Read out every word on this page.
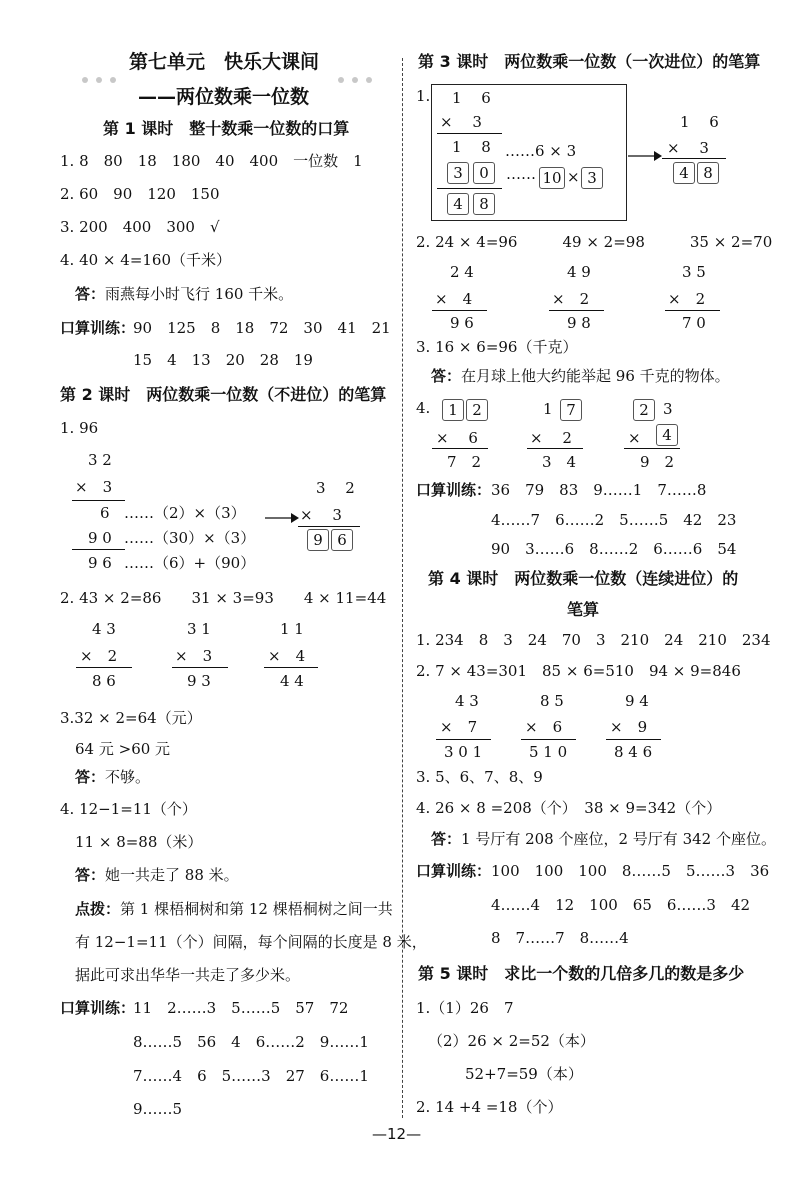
第七单元　快乐大课间
——两位数乘一位数
第 1 课时　整十数乘一位数的口算
1. 8　80　18　180　40　400　一位数　1
2. 60　90　120　150
3. 200　400　300　√
4. 40 × 4=160（千米）
答：雨燕每小时飞行 160 千米。
口算训练：
90　125　8　18　72　30　41　21
15　4　13　20　28　19
第 2 课时　两位数乘一位数（不进位）的笔算
1. 96
3 2
×　3
6 ……（2）×（3）
9 0 ……（30）×（3）
9 6 ……（6）+（90）
3　 2
×　 3
9 6
2. 43 × 2=86　　31 × 3=93　　4 × 11=44
4 3
×　2
8 6
3 1
×　3
9 3
1 1
×　4
4 4
3.32 × 2=64（元）
64 元 >60 元
答：不够。
4. 12−1=11（个）
11 × 8=88（米）
答：她一共走了 88 米。
点拨：第 1 棵梧桐树和第 12 棵梧桐树之间一共
有 12−1=11（个）间隔，每个间隔的长度是 8 米，
据此可求出华华一共走了多少米。
口算训练：
11　2……3　5……5　57　72
8……5　56　4　6……2　9……1
7……4　6　5……3　27　6……1
9……5
第 3 课时　两位数乘一位数（一次进位）的笔算
1. 1　 6
×　 3
1　 8 ……6 × 3
3	0	…… 10 × 3
4	8
1　 6
×　 3
4 8
2. 24 × 4=96　　　49 × 2=98　　　35 × 2=70
2 4
×　4
9 6
4 9
×　2
9 8
3 5
×　2
7 0
3. 16 × 6=96（千克）
答：在月球上他大约能举起 96 千克的物体。
4.	1 2
×　 6
7　2
1 7
×　 2
3　4
2 3
×	4
9　2
口算训练： 36　79　83　9……1　7……8
4……7　6……2　5……5　42　23
90　3……6　8……2　6……6　54
第 4 课时　两位数乘一位数（连续进位）的
笔算
1. 234　8　3　24　70　3　210　24　210　234
2. 7 × 43=301　85 × 6=510　94 × 9=846
4 3
×　7
3 0 1
8 5
×　6
5 1 0
9 4
×　9
8 4 6
3. 5、6、7、8、9
4. 26 × 8 =208（个）　38 × 9=342（个）
答：1 号厅有 208 个座位，2 号厅有 342 个座位。
口算训练： 100　100　100　8……5　5……3　36
4……4　12　100　65　6……3　42
8　7……7　8……4
第 5 课时　求比一个数的几倍多几的数是多少
1.（1）26　7
（2）26 × 2=52（本）
52+7=59（本）
2. 14 +4 =18（个）
—12—
